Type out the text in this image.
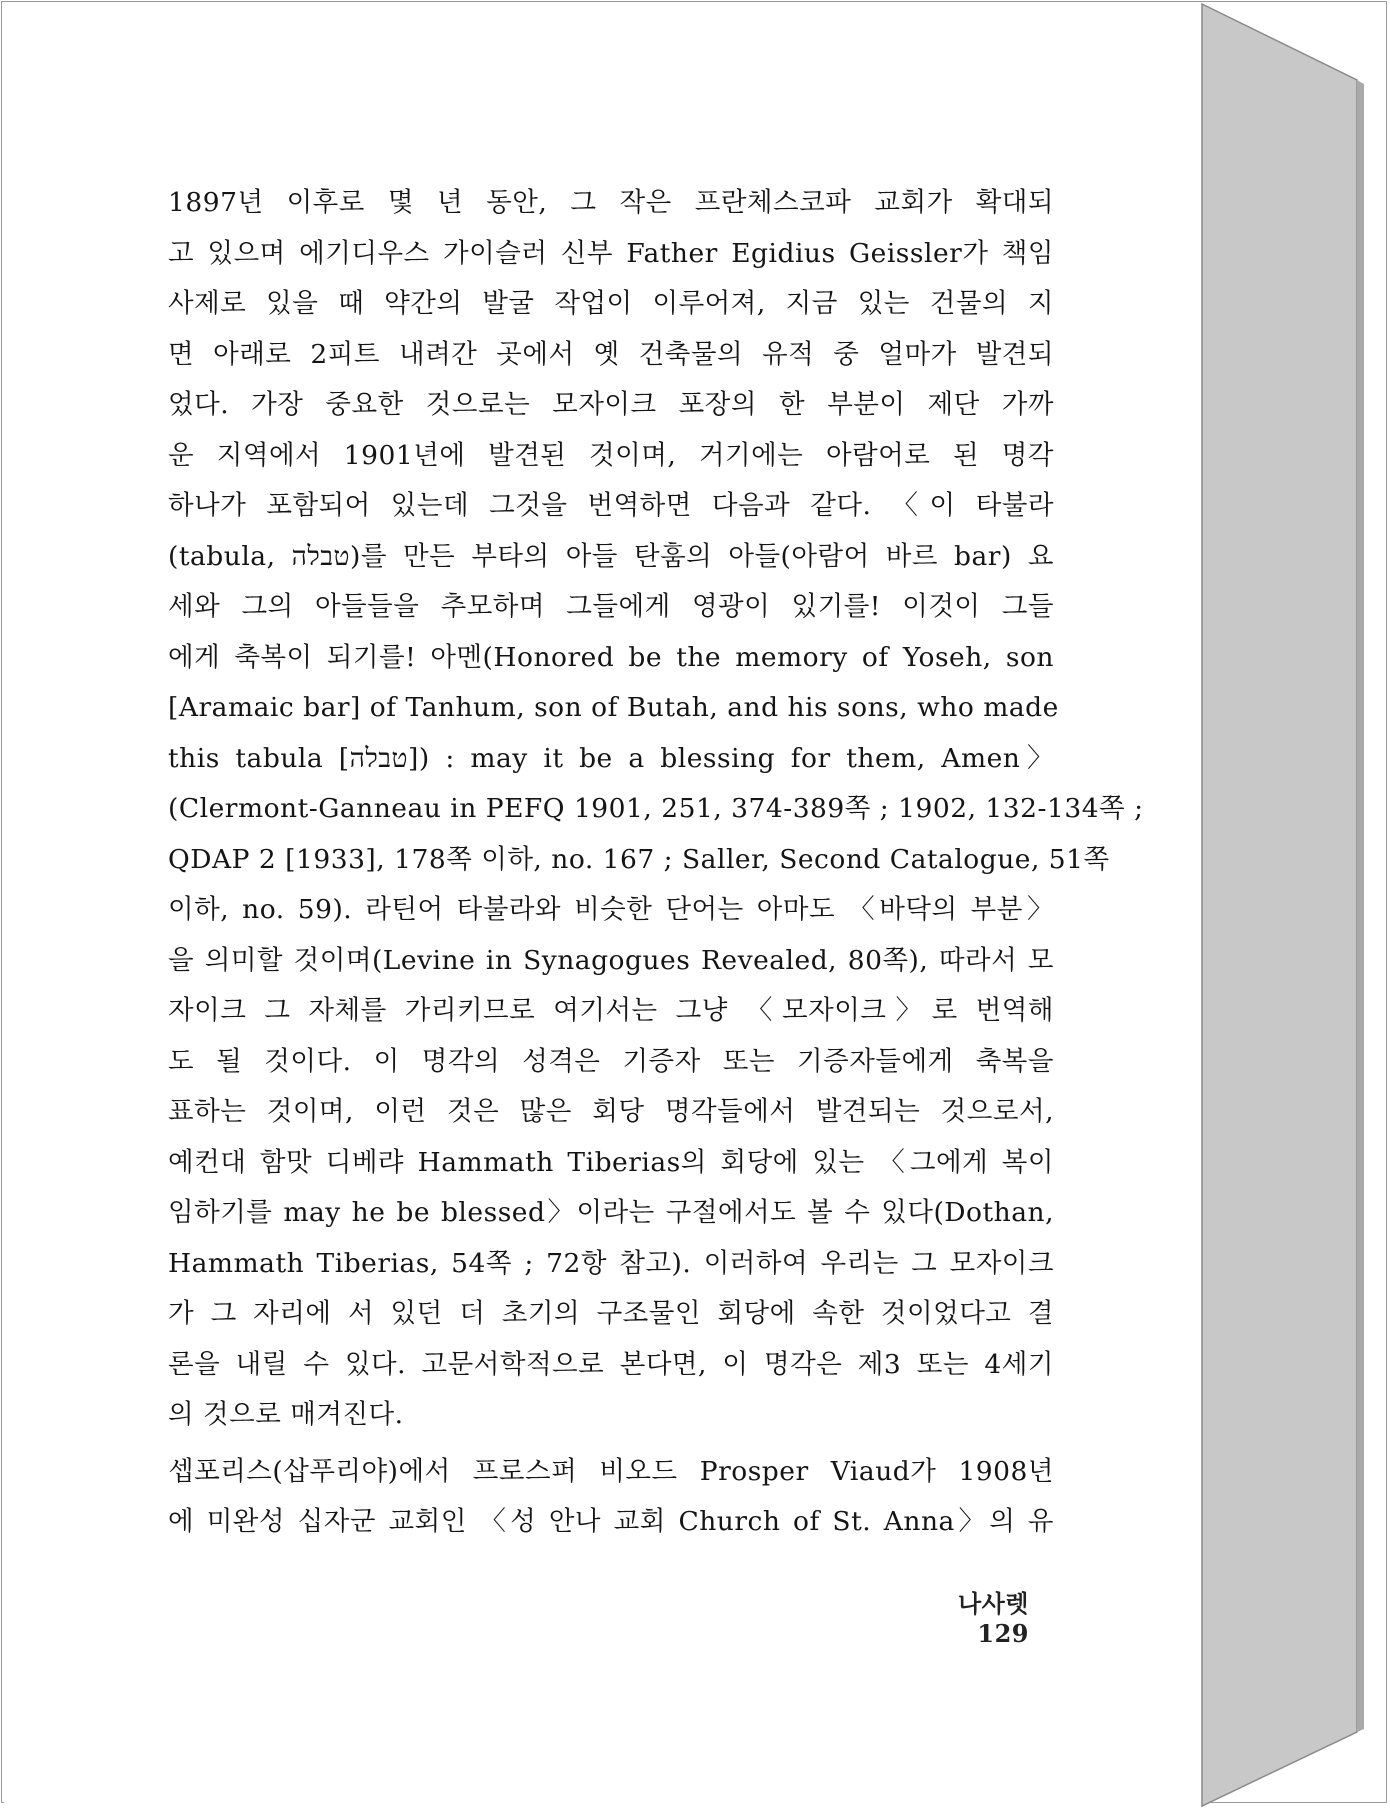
1897년 이후로 몇 년 동안, 그 작은 프란체스코파 교회가 확대되
고 있으며 에기디우스 가이슬러 신부 Father Egidius Geissler가 책임
사제로 있을 때 약간의 발굴 작업이 이루어져, 지금 있는 건물의 지
면 아래로 2피트 내려간 곳에서 옛 건축물의 유적 중 얼마가 발견되
었다. 가장 중요한 것으로는 모자이크 포장의 한 부분이 제단 가까
운 지역에서 1901년에 발견된 것이며, 거기에는 아람어로 된 명각
하나가 포함되어 있는데 그것을 번역하면 다음과 같다. 〈이 타불라
(tabula, טבלה)를 만든 부타의 아들 탄훔의 아들(아람어 바르 bar) 요
세와 그의 아들들을 추모하며 그들에게 영광이 있기를! 이것이 그들
에게 축복이 되기를! 아멘(Honored be the memory of Yoseh, son
[Aramaic bar] of Tanhum, son of Butah, and his sons, who made
this tabula [טבלה]) : may it be a blessing for them, Amen〉
(Clermont-Ganneau in PEFQ 1901, 251, 374-389쪽 ; 1902, 132-134쪽 ;
QDAP 2 [1933], 178쪽 이하, no. 167 ; Saller, Second Catalogue, 51쪽
이하, no. 59). 라틴어 타불라와 비슷한 단어는 아마도 〈바닥의 부분〉
을 의미할 것이며(Levine in Synagogues Revealed, 80쪽), 따라서 모
자이크 그 자체를 가리키므로 여기서는 그냥 〈모자이크〉로 번역해
도 될 것이다. 이 명각의 성격은 기증자 또는 기증자들에게 축복을
표하는 것이며, 이런 것은 많은 회당 명각들에서 발견되는 것으로서,
예컨대 함맛 디베랴 Hammath Tiberias의 회당에 있는 〈그에게 복이
임하기를 may he be blessed〉이라는 구절에서도 볼 수 있다(Dothan,
Hammath Tiberias, 54쪽 ; 72항 참고). 이러하여 우리는 그 모자이크
가 그 자리에 서 있던 더 초기의 구조물인 회당에 속한 것이었다고 결
론을 내릴 수 있다. 고문서학적으로 본다면, 이 명각은 제3 또는 4세기
의 것으로 매겨진다.
셉포리스(삽푸리야)에서 프로스퍼 비오드 Prosper Viaud가 1908년
에 미완성 십자군 교회인 〈성 안나 교회 Church of St. Anna〉의 유
나사렛 129
